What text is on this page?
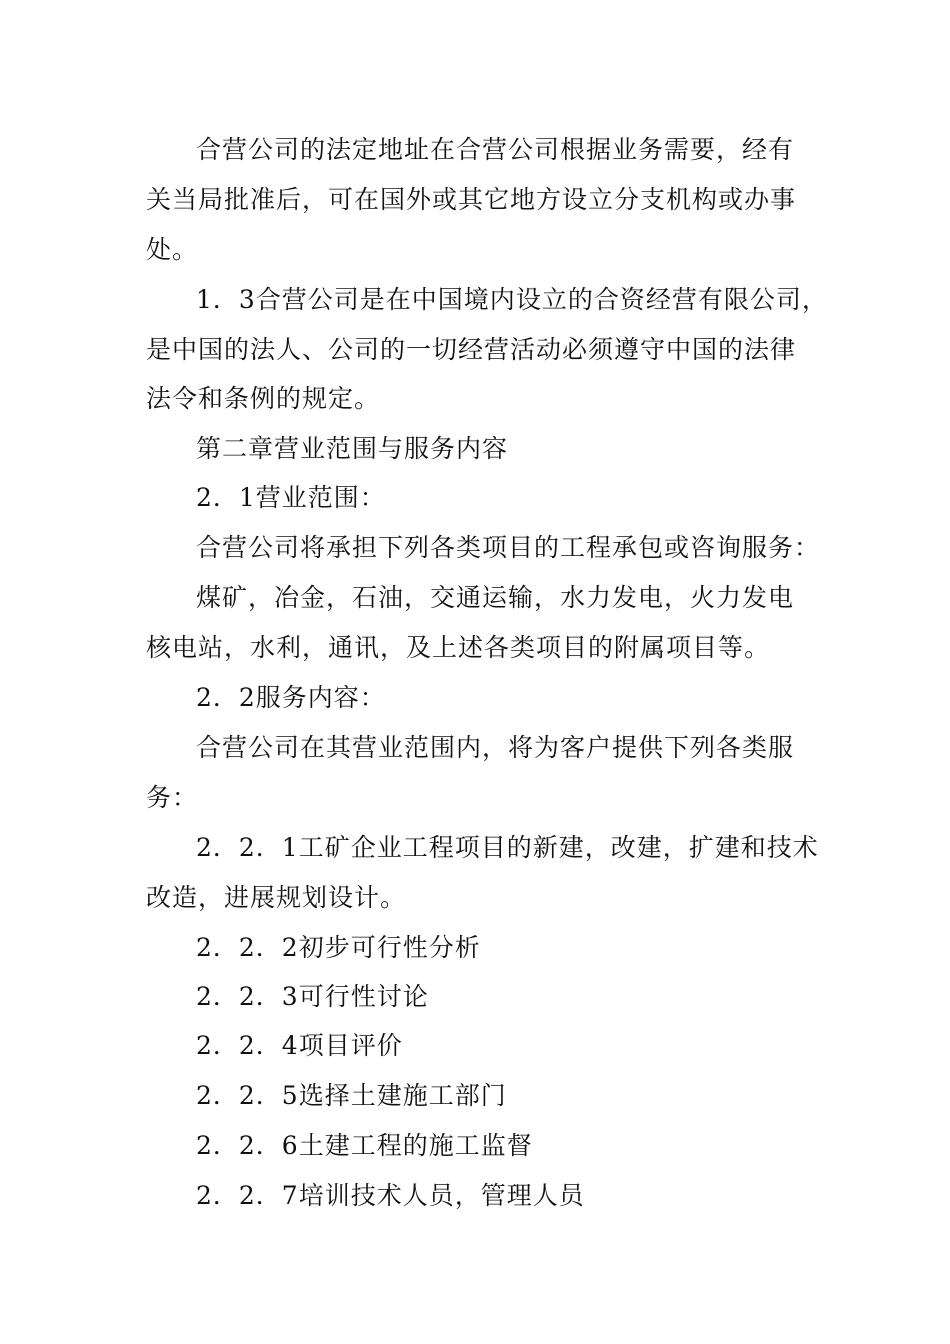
合营公司的法定地址在合营公司根据业务需要，经有
关当局批准后，可在国外或其它地方设立分支机构或办事
处。
1．3合营公司是在中国境内设立的合资经营有限公司，
是中国的法人、公司的一切经营活动必须遵守中国的法律
法令和条例的规定。
第二章营业范围与服务内容
2．1营业范围：
合营公司将承担下列各类项目的工程承包或咨询服务：
煤矿，冶金，石油，交通运输，水力发电，火力发电
核电站，水利，通讯，及上述各类项目的附属项目等。
2．2服务内容：
合营公司在其营业范围内，将为客户提供下列各类服
务：
2．2．1工矿企业工程项目的新建，改建，扩建和技术
改造，进展规划设计。
2．2．2初步可行性分析
2．2．3可行性讨论
2．2．4项目评价
2．2．5选择土建施工部门
2．2．6土建工程的施工监督
2．2．7培训技术人员，管理人员
